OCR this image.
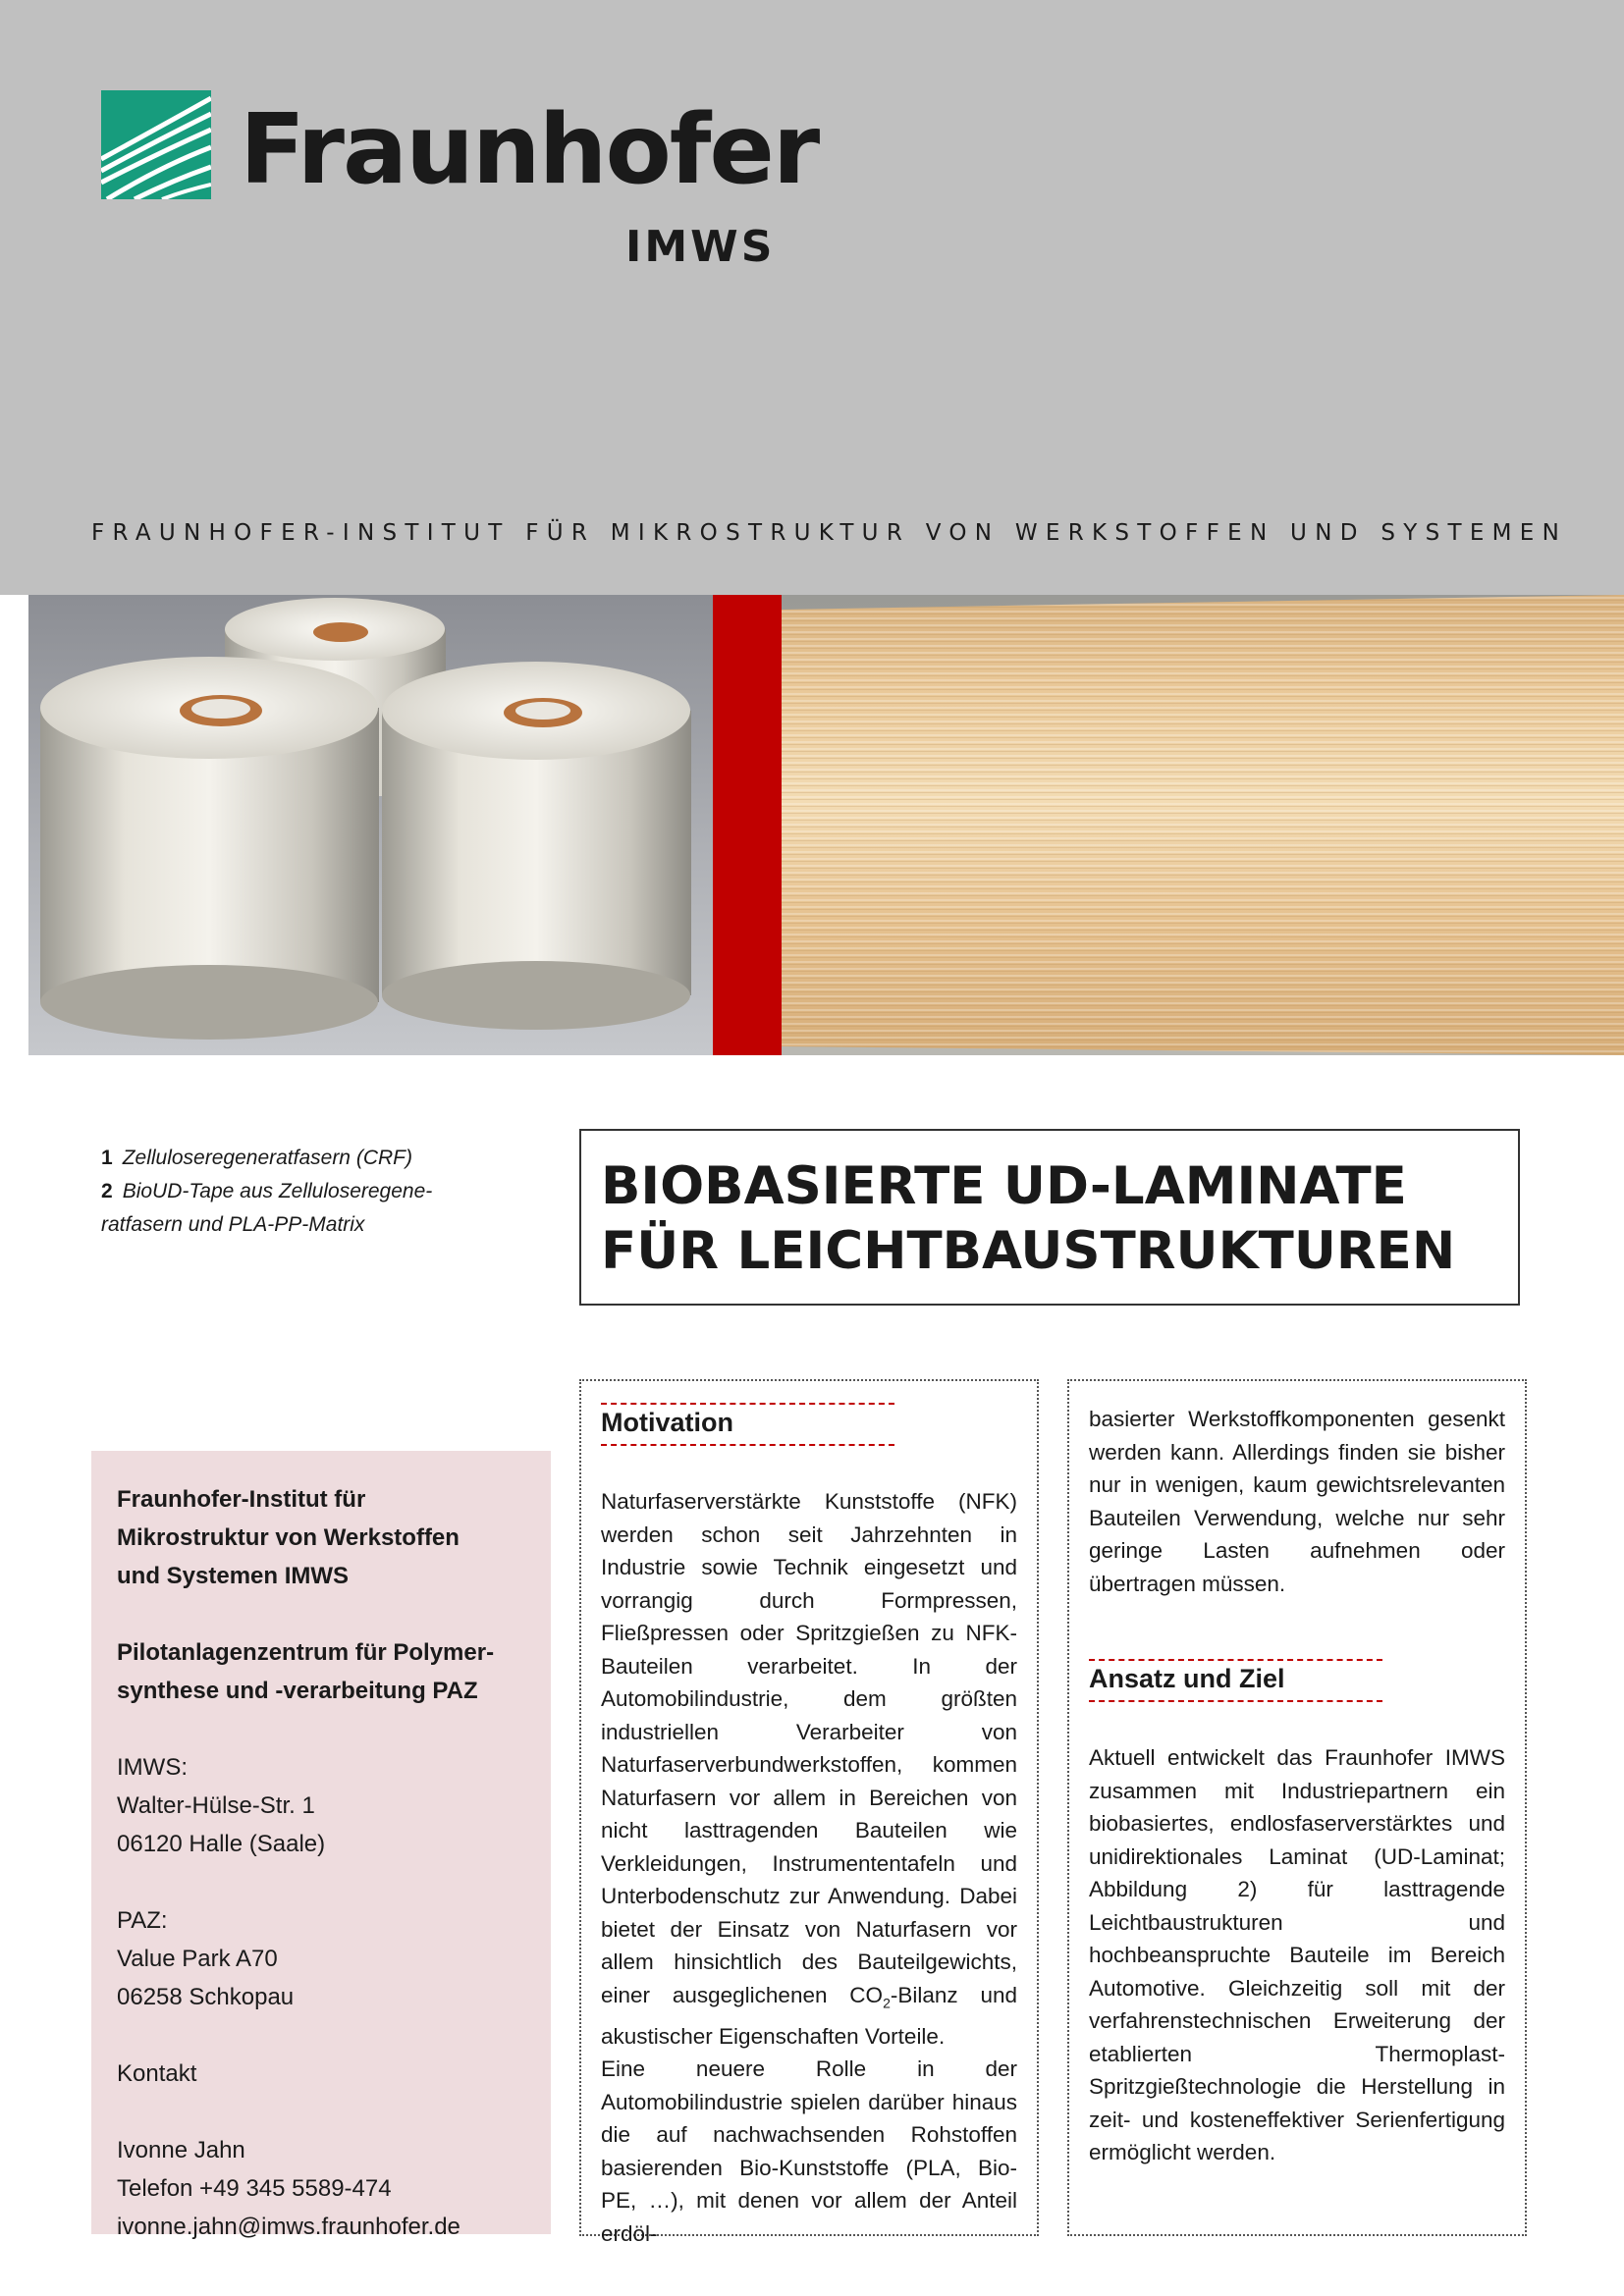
Fraunhofer
IMWS
FRAUNHOFER-INSTITUT FÜR MIKROSTRUKTUR VON WERKSTOFFEN UND SYSTEMEN
1 Zelluloseregeneratfasern (CRF)
2 BioUD-Tape aus Zelluloseregene-
ratfasern und PLA-PP-Matrix
BIOBASIERTE UD-LAMINATE
FÜR LEICHTBAUSTRUKTUREN
Fraunhofer-Institut für
Mikrostruktur von Werkstoffen
und Systemen IMWS
Pilotanlagenzentrum für Polymer-
synthese und -verarbeitung PAZ
IMWS:
Walter-Hülse-Str. 1
06120 Halle (Saale)
PAZ:
Value Park A70
06258 Schkopau
Kontakt
Ivonne Jahn
Telefon +49 345 5589-474
ivonne.jahn@imws.fraunhofer.de
Motivation

Naturfaserverstärkte Kunststoffe (NFK) werden schon seit Jahrzehnten in Industrie sowie Technik eingesetzt und vorrangig durch Formpressen, Fließpressen oder Spritzgießen zu NFK-Bauteilen verarbeitet. In der Automobilindustrie, dem größten industriellen Verarbeiter von Naturfaserverbundwerkstoffen, kommen Naturfasern vor allem in Bereichen von nicht lasttragenden Bauteilen wie Verkleidungen, Instrumententafeln und Unterbodenschutz zur Anwendung. Dabei bietet der Einsatz von Naturfasern vor allem hinsichtlich des Bauteilgewichts, einer ausgeglichenen $CO_2$-Bilanz und akustischer Eigenschaften Vorteile.

Eine neuere Rolle in der Automobilindustrie spielen darüber hinaus die auf nachwachsenden Rohstoffen basierenden Bio-Kunststoffe (PLA, Bio-PE, …), mit denen vor allem der Anteil erdöl-

basierter Werkstoffkomponenten gesenkt werden kann. Allerdings finden sie bisher nur in wenigen, kaum gewichtsrelevanten Bauteilen Verwendung, welche nur sehr geringe Lasten aufnehmen oder übertragen müssen.

Ansatz und Ziel

Aktuell entwickelt das Fraunhofer IMWS zusammen mit Industriepartnern ein biobasiertes, endlosfaserverstärktes und unidirektionales Laminat (UD-Laminat; Abbildung 2) für lasttragende Leichtbaustrukturen und hochbeanspruchte Bauteile im Bereich Automotive. Gleichzeitig soll mit der verfahrenstechnischen Erweiterung der etablierten Thermoplast-Spritzgießtechnologie die Herstellung in zeit- und kosteneffektiver Serienfertigung ermöglicht werden.
